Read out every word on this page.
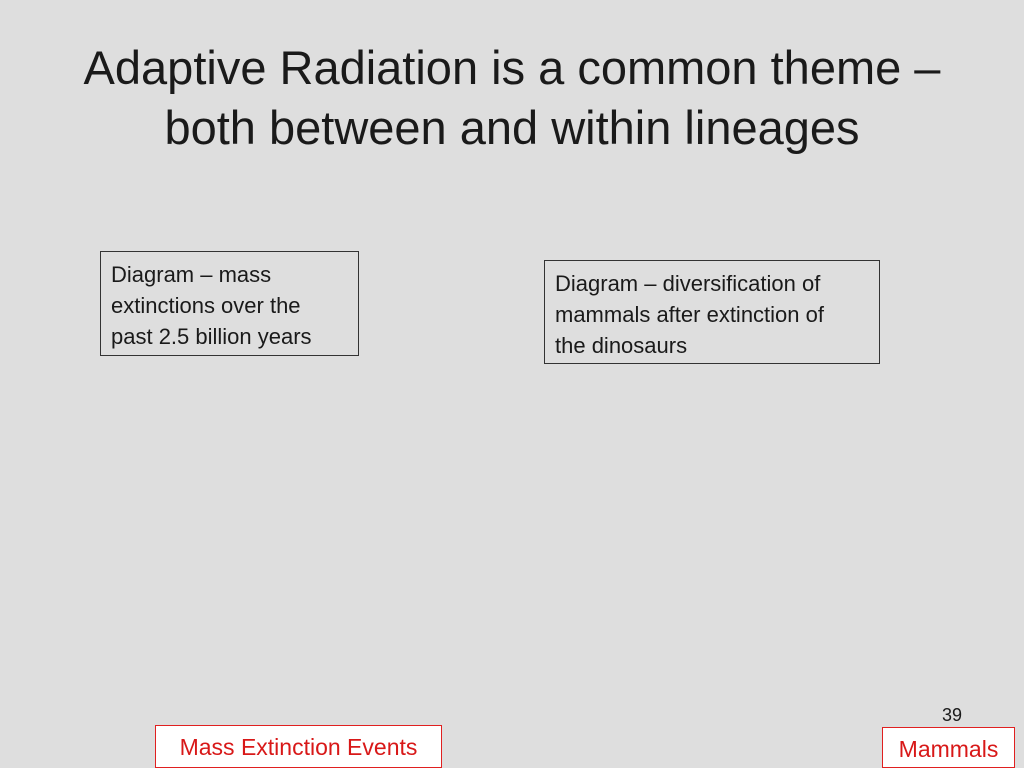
Adaptive Radiation is a common theme –
both between and within lineages
Diagram – mass
extinctions over the
past 2.5 billion years
Diagram – diversification of
mammals after extinction of
the dinosaurs
39
Mass Extinction Events	Mammals
